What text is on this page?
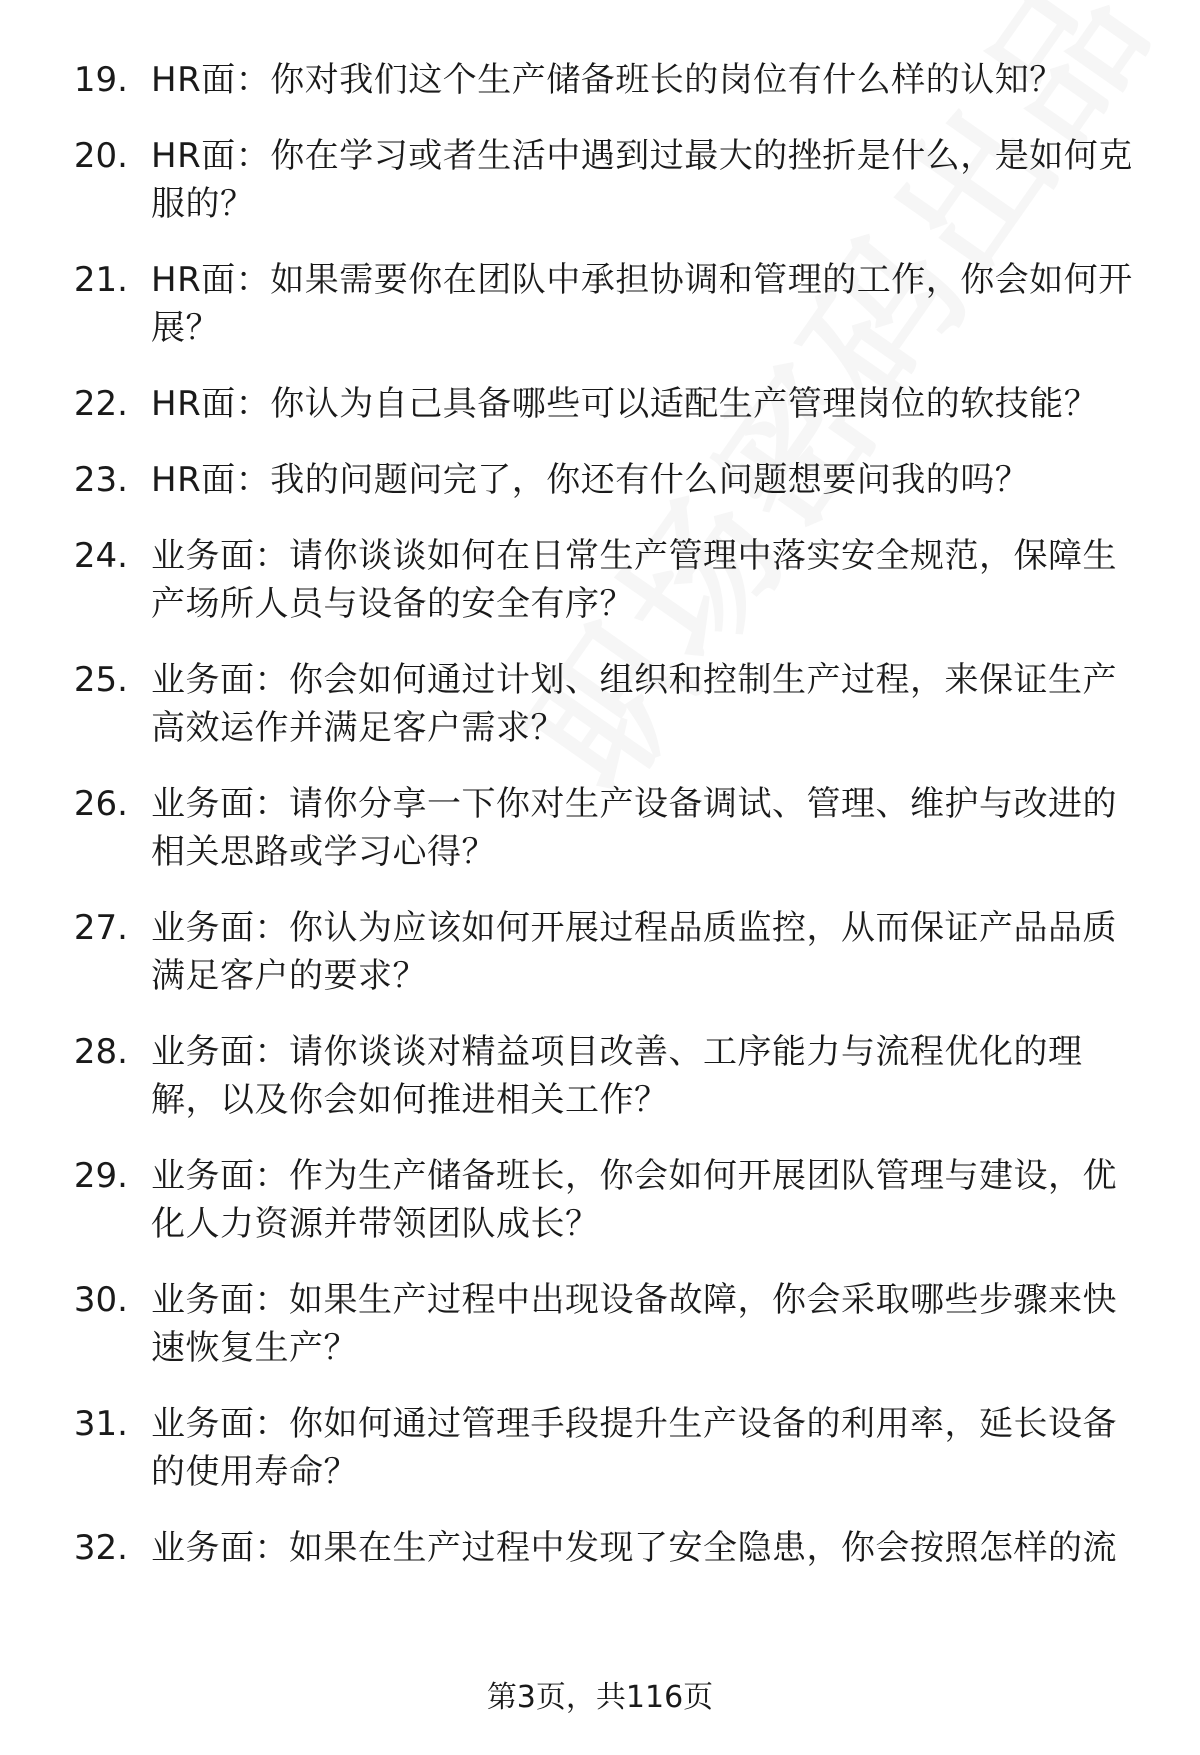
19. HR面：你对我们这个生产储备班长的岗位有什么样的认知？
20. HR面：你在学习或者生活中遇到过最大的挫折是什么，是如何克服的？
21. HR面：如果需要你在团队中承担协调和管理的工作，你会如何开展？
22. HR面：你认为自己具备哪些可以适配生产管理岗位的软技能？
23. HR面：我的问题问完了，你还有什么问题想要问我的吗？
24. 业务面：请你谈谈如何在日常生产管理中落实安全规范，保障生产场所人员与设备的安全有序？
25. 业务面：你会如何通过计划、组织和控制生产过程，来保证生产高效运作并满足客户需求？
26. 业务面：请你分享一下你对生产设备调试、管理、维护与改进的相关思路或学习心得？
27. 业务面：你认为应该如何开展过程品质监控，从而保证产品品质满足客户的要求？
28. 业务面：请你谈谈对精益项目改善、工序能力与流程优化的理解，以及你会如何推进相关工作？
29. 业务面：作为生产储备班长，你会如何开展团队管理与建设，优化人力资源并带领团队成长？
30. 业务面：如果生产过程中出现设备故障，你会采取哪些步骤来快速恢复生产？
31. 业务面：你如何通过管理手段提升生产设备的利用率，延长设备的使用寿命？
32. 业务面：如果在生产过程中发现了安全隐患，你会按照怎样的流
第3页，共116页
